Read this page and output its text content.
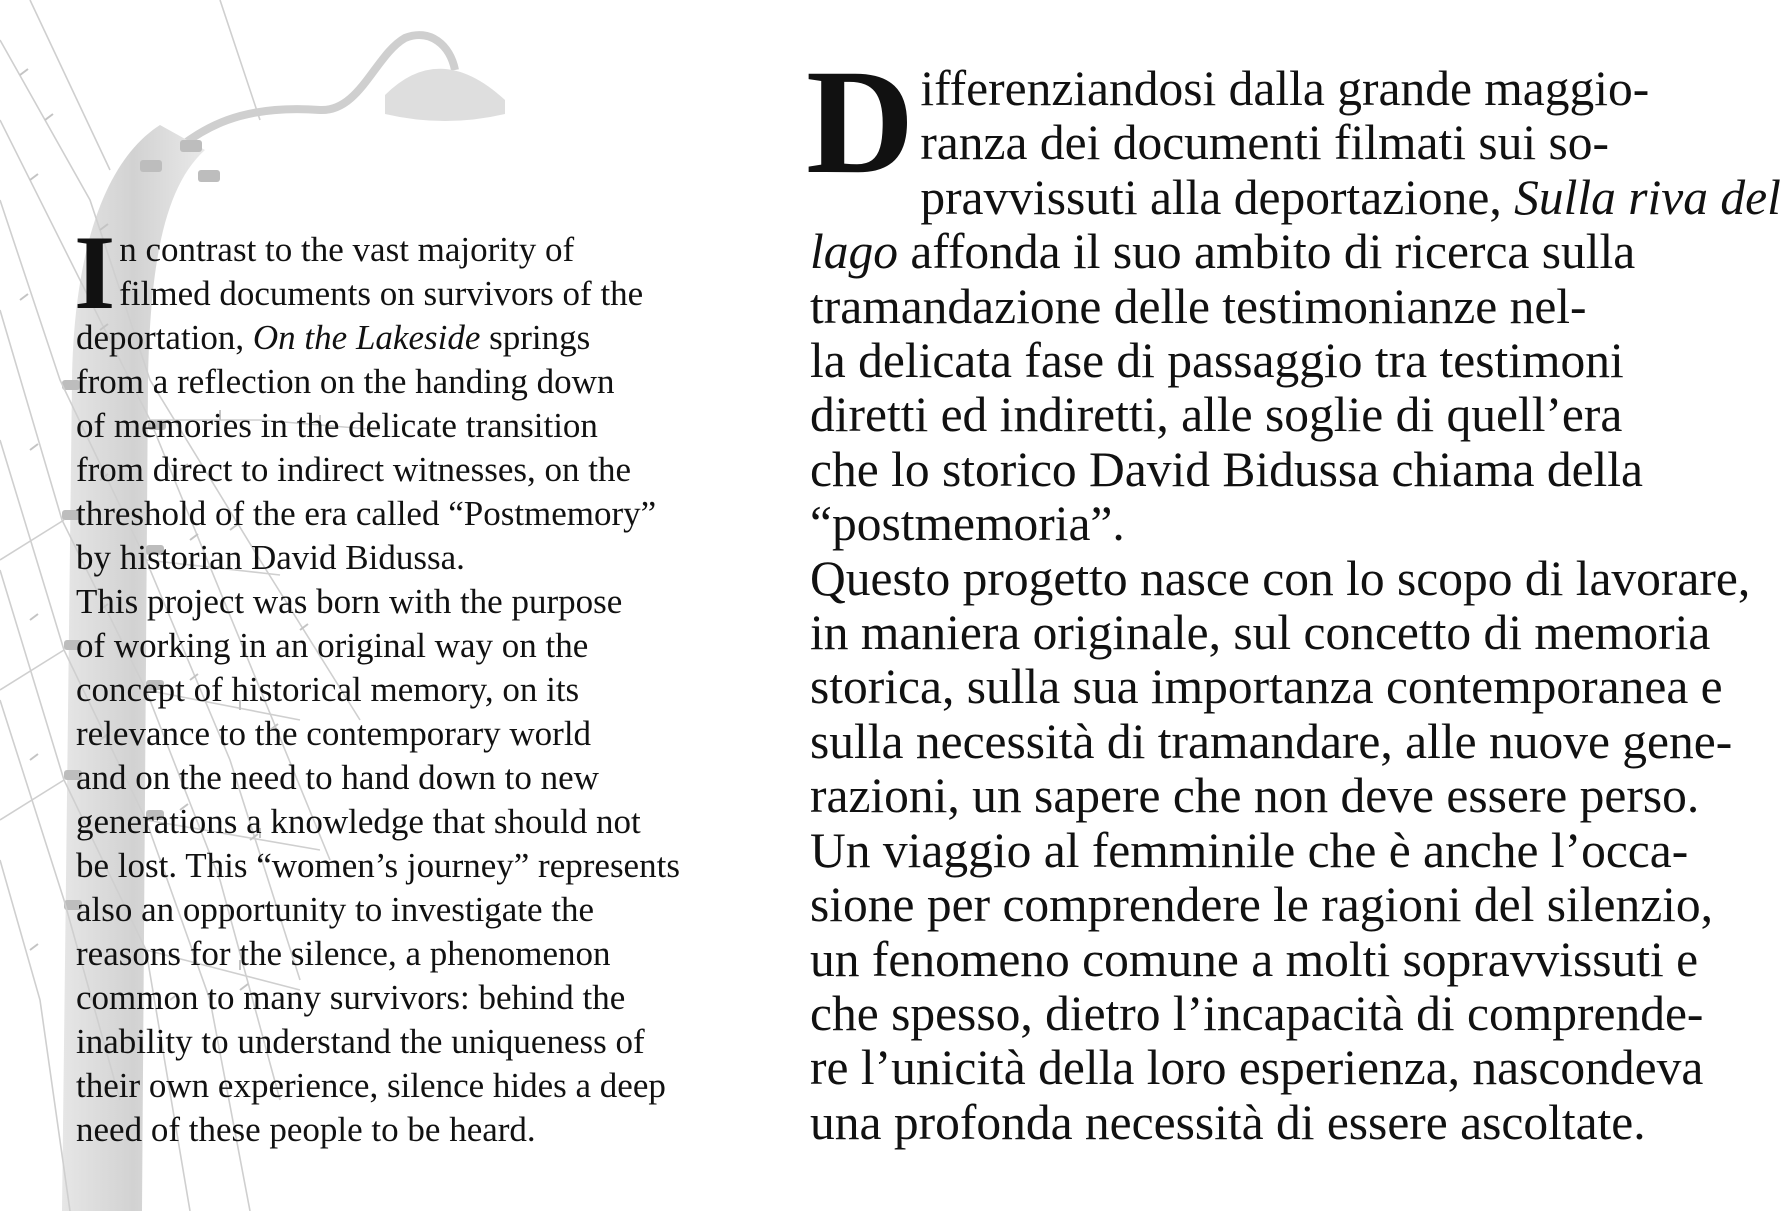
I n contrast to the vast majority of
filmed documents on survivors of the
deportation, On the Lakeside springs
from a reflection on the handing down
of memories in the delicate transition
from direct to indirect witnesses, on the
threshold of the era called “Postmemory”
by historian David Bidussa.

This project was born with the purpose
of working in an original way on the
concept of historical memory, on its
relevance to the contemporary world
and on the need to hand down to new
generations a knowledge that should not
be lost. This “women’s journey” represents
also an opportunity to investigate the
reasons for the silence, a phenomenon
common to many survivors: behind the
inability to understand the uniqueness of
their own experience, silence hides a deep
need of these people to be heard.

D ifferenziandosi dalla grande maggio-
ranza dei documenti filmati sui so-
pravvissuti alla deportazione, Sulla riva del
lago affonda il suo ambito di ricerca sulla
tramandazione delle testimonianze nel-
la delicata fase di passaggio tra testimoni
diretti ed indiretti, alle soglie di quell’era
che lo storico David Bidussa chiama della
“postmemoria”.

Questo progetto nasce con lo scopo di lavorare,
in maniera originale, sul concetto di memoria
storica, sulla sua importanza contemporanea e
sulla necessità di tramandare, alle nuove gene-
razioni, un sapere che non deve essere perso.
Un viaggio al femminile che è anche l’occa-
sione per comprendere le ragioni del silenzio,
un fenomeno comune a molti sopravvissuti e
che spesso, dietro l’incapacità di comprende-
re l’unicità della loro esperienza, nascondeva
una profonda necessità di essere ascoltate.
